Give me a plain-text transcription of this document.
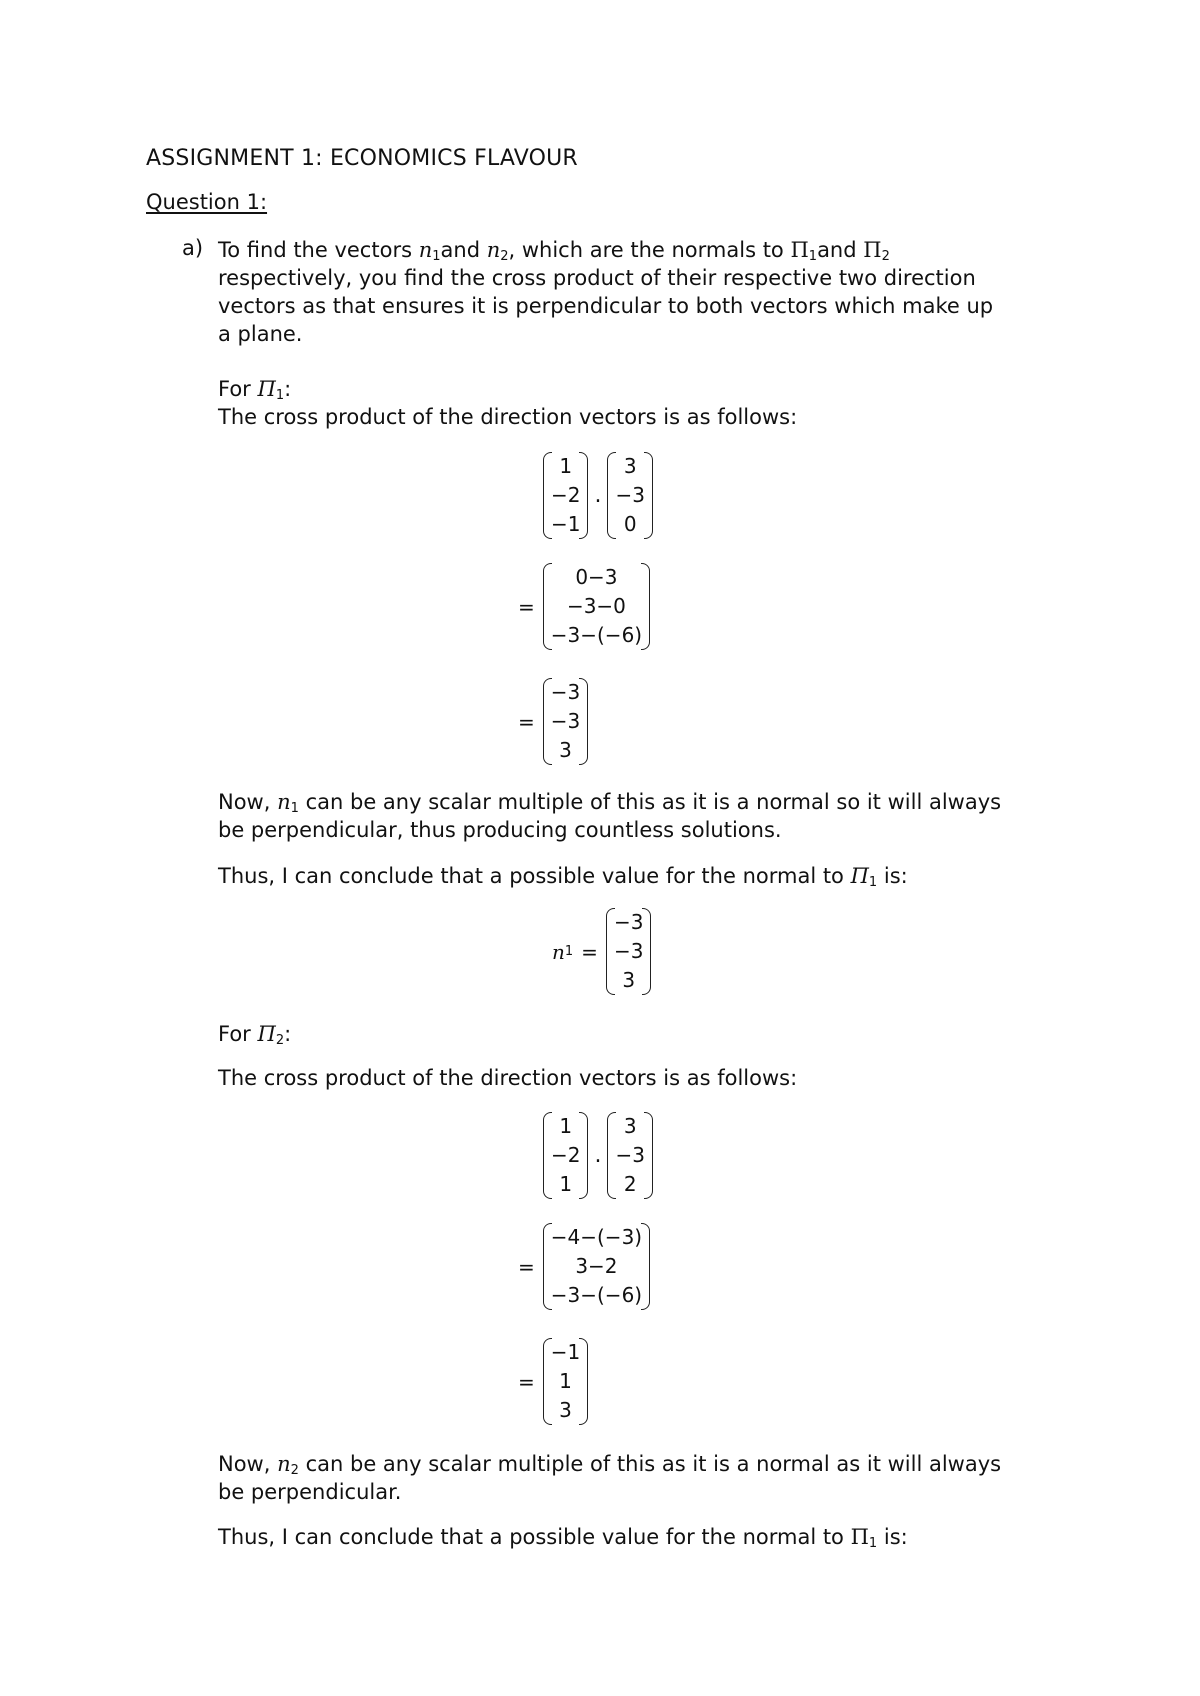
ASSIGNMENT 1: ECONOMICS FLAVOUR
Question 1:
a) To find the vectors $n_1and$ $n_2$, which are the normals to $\Pi_1and$ $\Pi_2$
respectively, you find the cross product of their respective two direction
vectors as that ensures it is perpendicular to both vectors which make up
a plane.
For $\Pi_1$:
The cross product of the direction vectors is as follows:
1
−2
−1
.
3
−3
0
=
0−3
−3−0
−3−(−6)
=
−3
−3
3
Now, $n_1$ can be any scalar multiple of this as it is a normal so it will always
be perpendicular, thus producing countless solutions.
Thus, I can conclude that a possible value for the normal to $\Pi_1$ is:
n 1 =
−3
−3
3
For $\Pi_2$:
The cross product of the direction vectors is as follows:
1
−2
1
.
3
−3
2
=
−4−(−3)
3−2
−3−(−6)
=
−1
1
3
Now, $n_2$ can be any scalar multiple of this as it is a normal as it will always
be perpendicular.
Thus, I can conclude that a possible value for the normal to $\Pi_1$ is:
